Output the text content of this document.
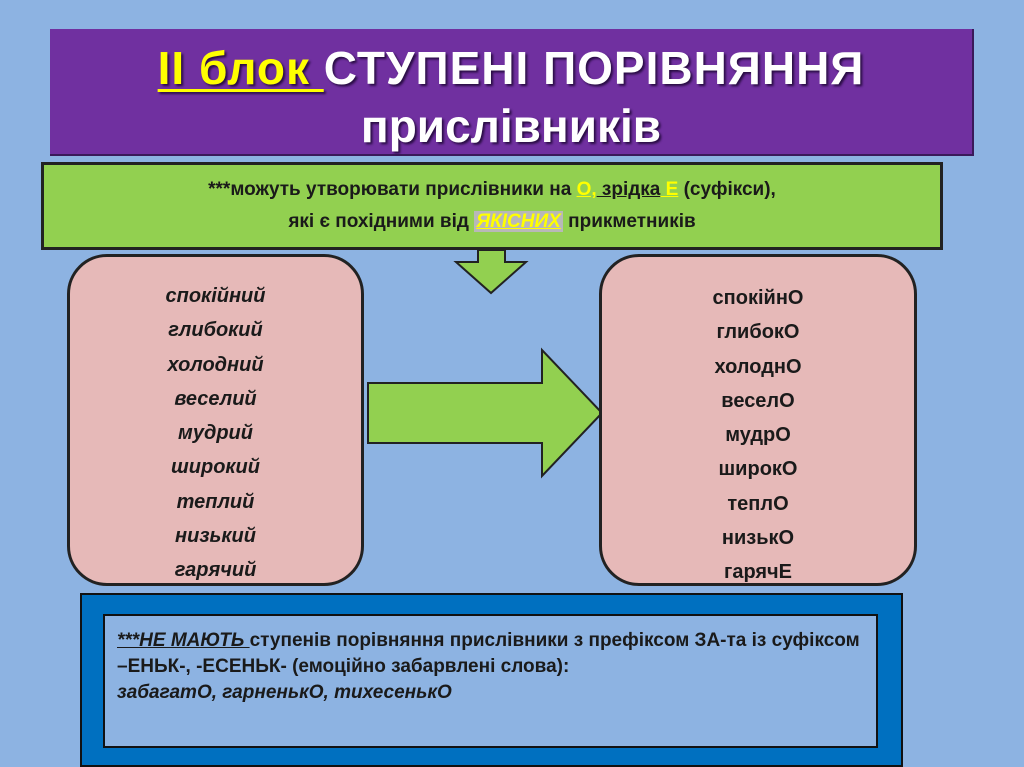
II блок СТУПЕНІ ПОРІВНЯННЯ
прислівників
***можуть утворювати прислівники на О, зрідка Е (суфікси),
які є похідними від ЯКІСНИХ прикметників
спокійний
глибокий
холодний
веселий
мудрий
широкий
теплий
низький
гарячий
спокійнО
глибокО
холоднО
веселО
мудрО
широкО
теплО
низькО
гарячЕ
***НЕ МАЮТЬ ступенів порівняння прислівники з префіксом ЗА-та із суфіксом –ЕНЬК-, -ЕСЕНЬК- (емоційно забарвлені слова):
забагатО, гарненькО, тихесенькО
